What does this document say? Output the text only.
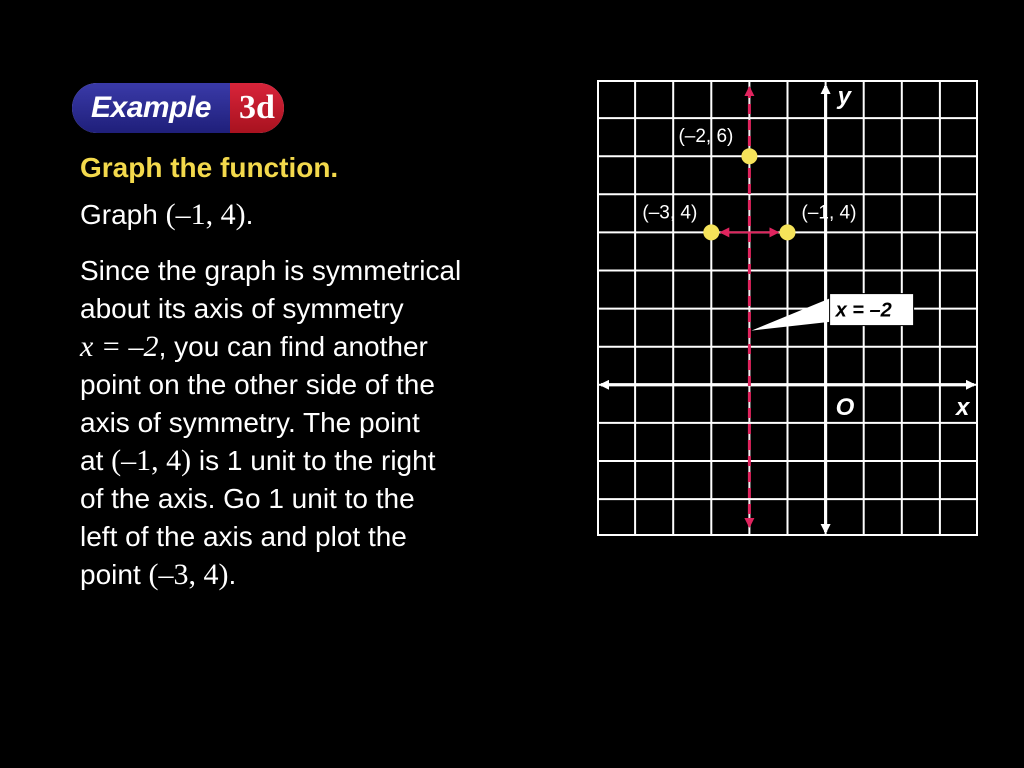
Example 3d
Graph the function.
Graph (–1, 4).
Since the graph is symmetrical
about its axis of symmetry
x = –2, you can find another
point on the other side of the
axis of symmetry. The point
at (–1, 4) is 1 unit to the right
of the axis. Go 1 unit to the
left of the axis and plot the
point (–3, 4).
(–2, 6)
(–3, 4)	(–1, 4)
x = –2
y
x
O
